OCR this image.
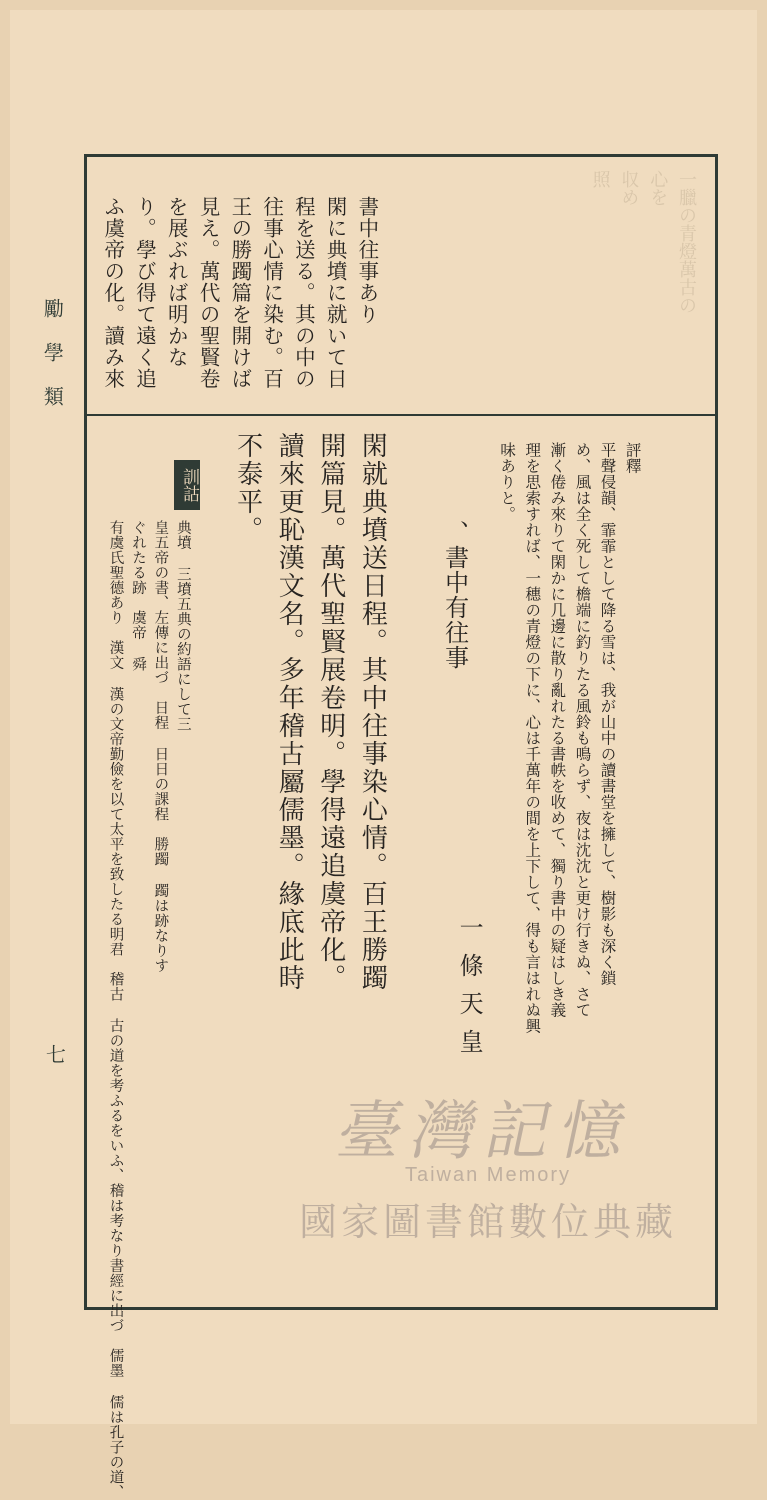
勵學類
七
書中往事あり
閑に典墳に就いて日
程を送る。其の中の
往事心情に染む。百
王の勝躅篇を開けば
見え。萬代の聖賢卷
を展ぶれば明かな
り。學び得て遠く追
ふ虞帝の化。讀み來	一臘の青燈萬古の
心を
収め
照
評釋
平聲侵韻、霏霏として降る雪は、我が山中の讀書堂を擁して、樹影も深く鎖
め、風は全く死して檐端に釣りたる風鈴も鳴らず、夜は沈沈と更け行きぬ、さて
漸く倦み來りて閑かに几邊に散り亂れたる書帙を收めて、獨り書中の疑はしき義
理を思索すれば、一穗の青燈の下に、心は千萬年の間を上下して、得も言はれぬ興
味ありと。
、書中有往事
一條天皇
閑就典墳送日程。其中往事染心情。百王勝躅
開篇見。萬代聖賢展卷明。學得遠追虞帝化。
讀來更恥漢文名。多年稽古屬儒墨。緣底此時
不泰平。
訓詁
典墳 三墳五典の約語にして三
皇五帝の書、左傳に出づ　日程 日日の課程　勝躅 躅は跡なりす
ぐれたる跡　虞帝 舜
有虞氏聖德あり　漢文 漢の文帝勤儉を以て太平を致したる明君　稽古 古の道を考ふるをいふ、稽は考なり書經に出づ　儒墨 儒は孔子の道、
臺灣記憶
Taiwan Memory
國家圖書館數位典藏
